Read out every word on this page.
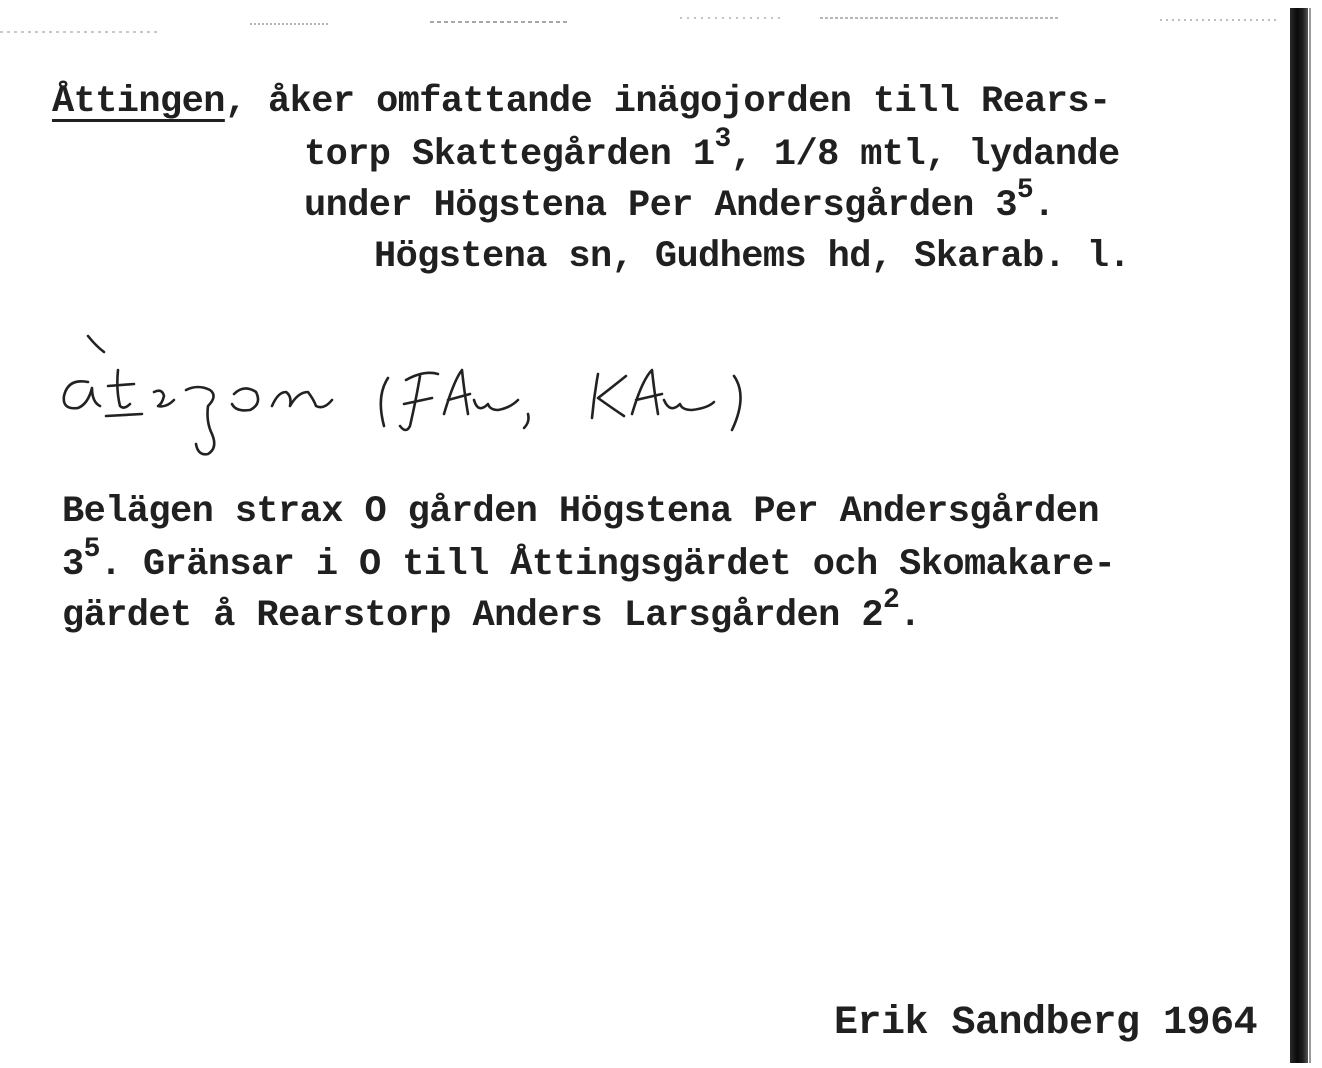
Åttingen, åker omfattande inägojorden till Rears-
torp Skattegården $1^3$, 1/8 mtl, lydande
under Högstena Per Andersgården $3^5$.
Högstena sn, Gudhems hd, Skarab. l.
Belägen strax O gården Högstena Per Andersgården
$3^5$. Gränsar i O till Åttingsgärdet och Skomakare-
gärdet å Rearstorp Anders Larsgården $2^2$.
Erik Sandberg 1964
